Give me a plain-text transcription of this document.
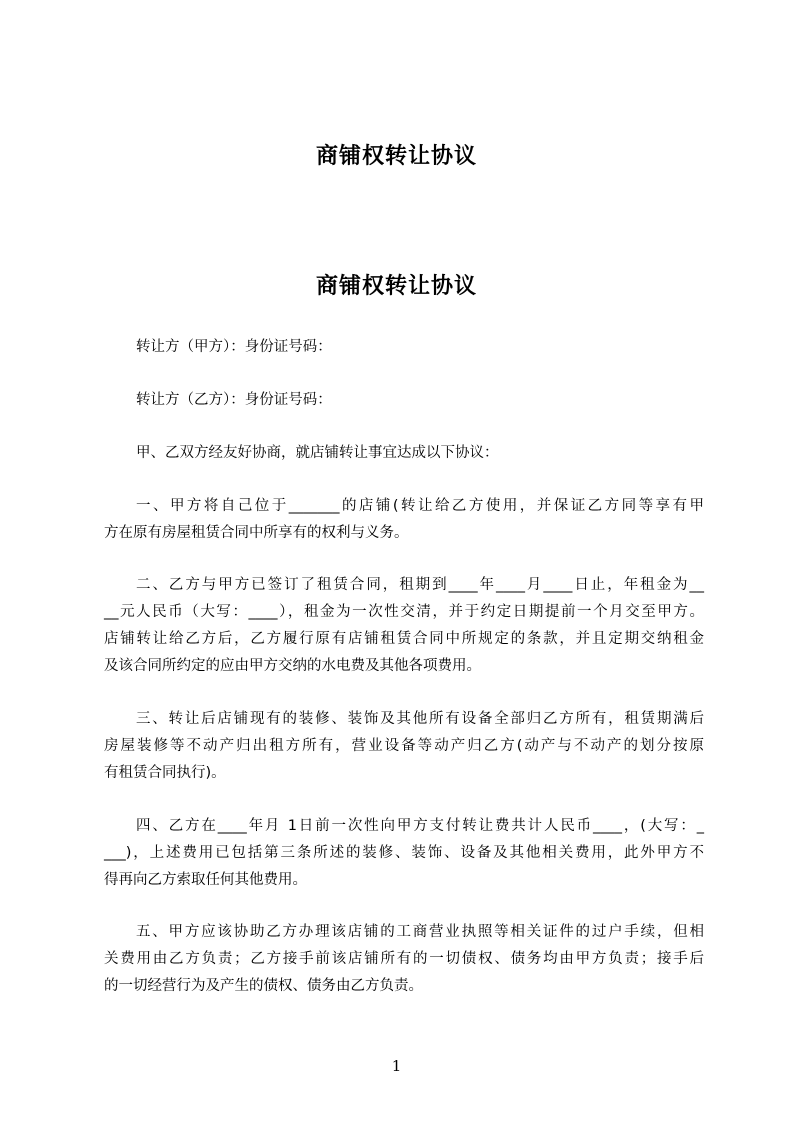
商铺权转让协议
商铺权转让协议
转让方（甲方）：身份证号码：
转让方（乙方）：身份证号码：
甲、乙双方经友好协商，就店铺转让事宜达成以下协议：
一、甲方将自己位于_______的店铺(转让给乙方使用，并保证乙方同等享有甲
方在原有房屋租赁合同中所享有的权利与义务。
二、乙方与甲方已签订了租赁合同，租期到____年____月____日止，年租金为__
__元人民币（大写：____），租金为一次性交清，并于约定日期提前一个月交至甲方。
店铺转让给乙方后，乙方履行原有店铺租赁合同中所规定的条款，并且定期交纳租金
及该合同所约定的应由甲方交纳的水电费及其他各项费用。
三、转让后店铺现有的装修、装饰及其他所有设备全部归乙方所有，租赁期满后
房屋装修等不动产归出租方所有，营业设备等动产归乙方(动产与不动产的划分按原
有租赁合同执行)。
四、乙方在____年月 1日前一次性向甲方支付转让费共计人民币____，(大写：_
___)，上述费用已包括第三条所述的装修、装饰、设备及其他相关费用，此外甲方不
得再向乙方索取任何其他费用。
五、甲方应该协助乙方办理该店铺的工商营业执照等相关证件的过户手续，但相
关费用由乙方负责；乙方接手前该店铺所有的一切债权、债务均由甲方负责；接手后
的一切经营行为及产生的债权、债务由乙方负责。
1
